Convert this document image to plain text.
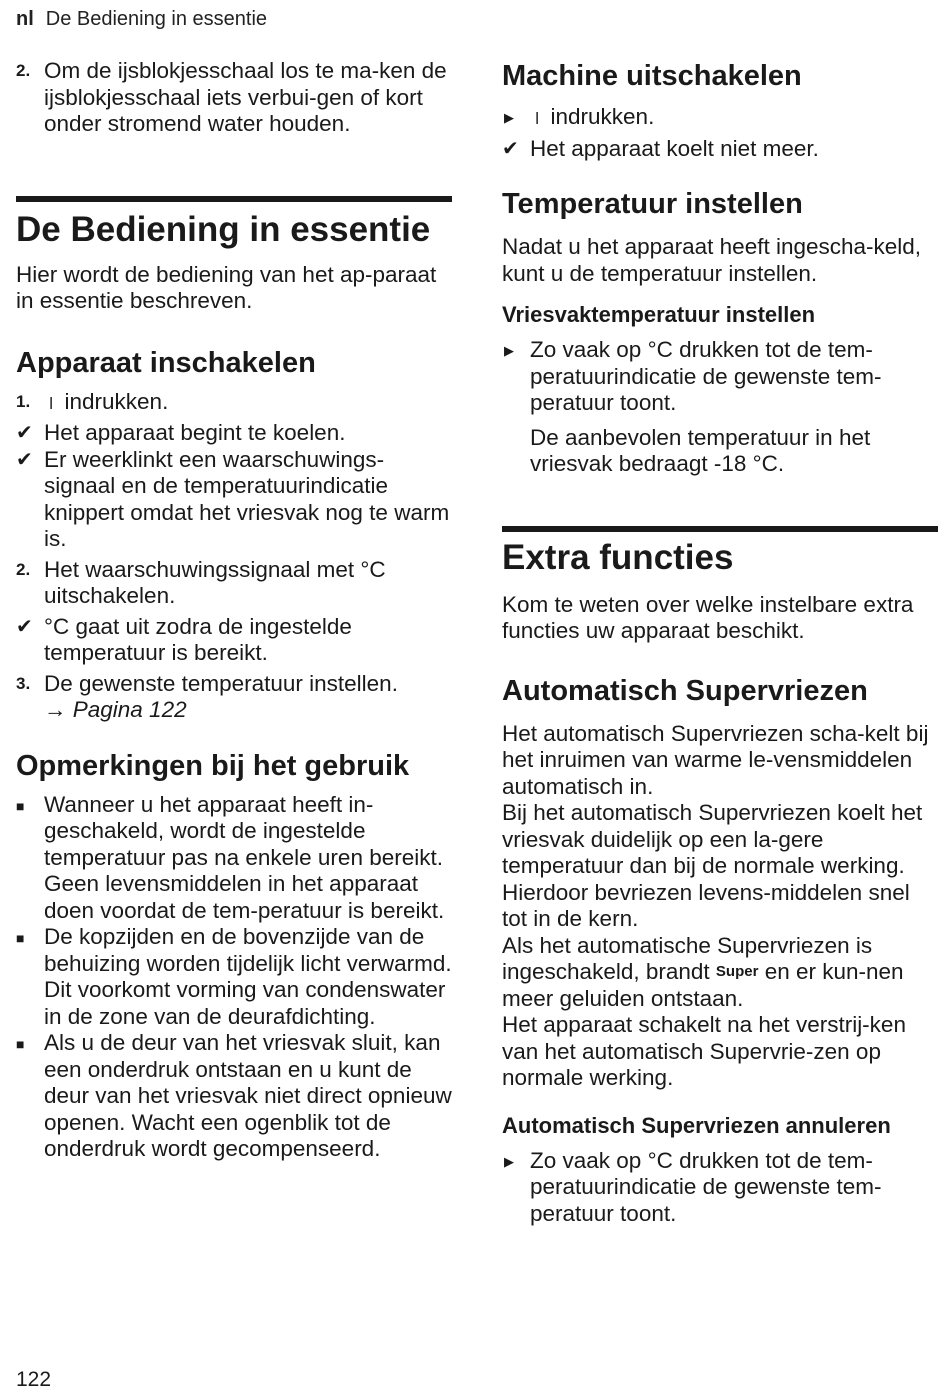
nl De Bediening in essentie
2. Om de ijsblokjesschaal los te ma-ken de ijsblokjesschaal iets verbui-gen of kort onder stromend water houden.
De Bediening in essentie

Hier wordt de bediening van het ap-paraat in essentie beschreven.

Apparaat inschakelen
1. ⏽ indrukken.
✔ Het apparaat begint te koelen.
✔ Er weerklinkt een waarschuwings-signaal en de temperatuurindicatie knippert omdat het vriesvak nog te warm is.
2. Het waarschuwingssignaal met °C uitschakelen.
✔ °C gaat uit zodra de ingestelde temperatuur is bereikt.
3. De gewenste temperatuur instellen.
→ Pagina 122
Opmerkingen bij het gebruik
■ Wanneer u het apparaat heeft in-geschakeld, wordt de ingestelde temperatuur pas na enkele uren bereikt. Geen levensmiddelen in het apparaat doen voordat de tem-peratuur is bereikt.
■ De kopzijden en de bovenzijde van de behuizing worden tijdelijk licht verwarmd. Dit voorkomt vorming van condenswater in de zone van de deurafdichting.
■ Als u de deur van het vriesvak sluit, kan een onderdruk ontstaan en u kunt de deur van het vriesvak niet direct opnieuw openen. Wacht een ogenblik tot de onderdruk wordt gecompenseerd.
Machine uitschakelen
▶ ⏽ indrukken.
✔ Het apparaat koelt niet meer.
Temperatuur instellen

Nadat u het apparaat heeft ingescha-keld, kunt u de temperatuur instellen.

Vriesvaktemperatuur instellen
▶ Zo vaak op °C drukken tot de tem-peratuurindicatie de gewenste tem-peratuur toont.
De aanbevolen temperatuur in het vriesvak bedraagt -18 °C.
Extra functies

Kom te weten over welke instelbare extra functies uw apparaat beschikt.

Automatisch Supervriezen

Het automatisch Supervriezen scha-kelt bij het inruimen van warme le-vensmiddelen automatisch in.

Bij het automatisch Supervriezen koelt het vriesvak duidelijk op een la-gere temperatuur dan bij de normale werking. Hierdoor bevriezen levens-middelen snel tot in de kern.

Als het automatische Supervriezen is ingeschakeld, brandt $^{Super}$ en er kun-nen meer geluiden ontstaan.

Het apparaat schakelt na het verstrij-ken van het automatisch Supervrie-zen op normale werking.

Automatisch Supervriezen annuleren
▶ Zo vaak op °C drukken tot de tem-peratuurindicatie de gewenste tem-peratuur toont.
122
